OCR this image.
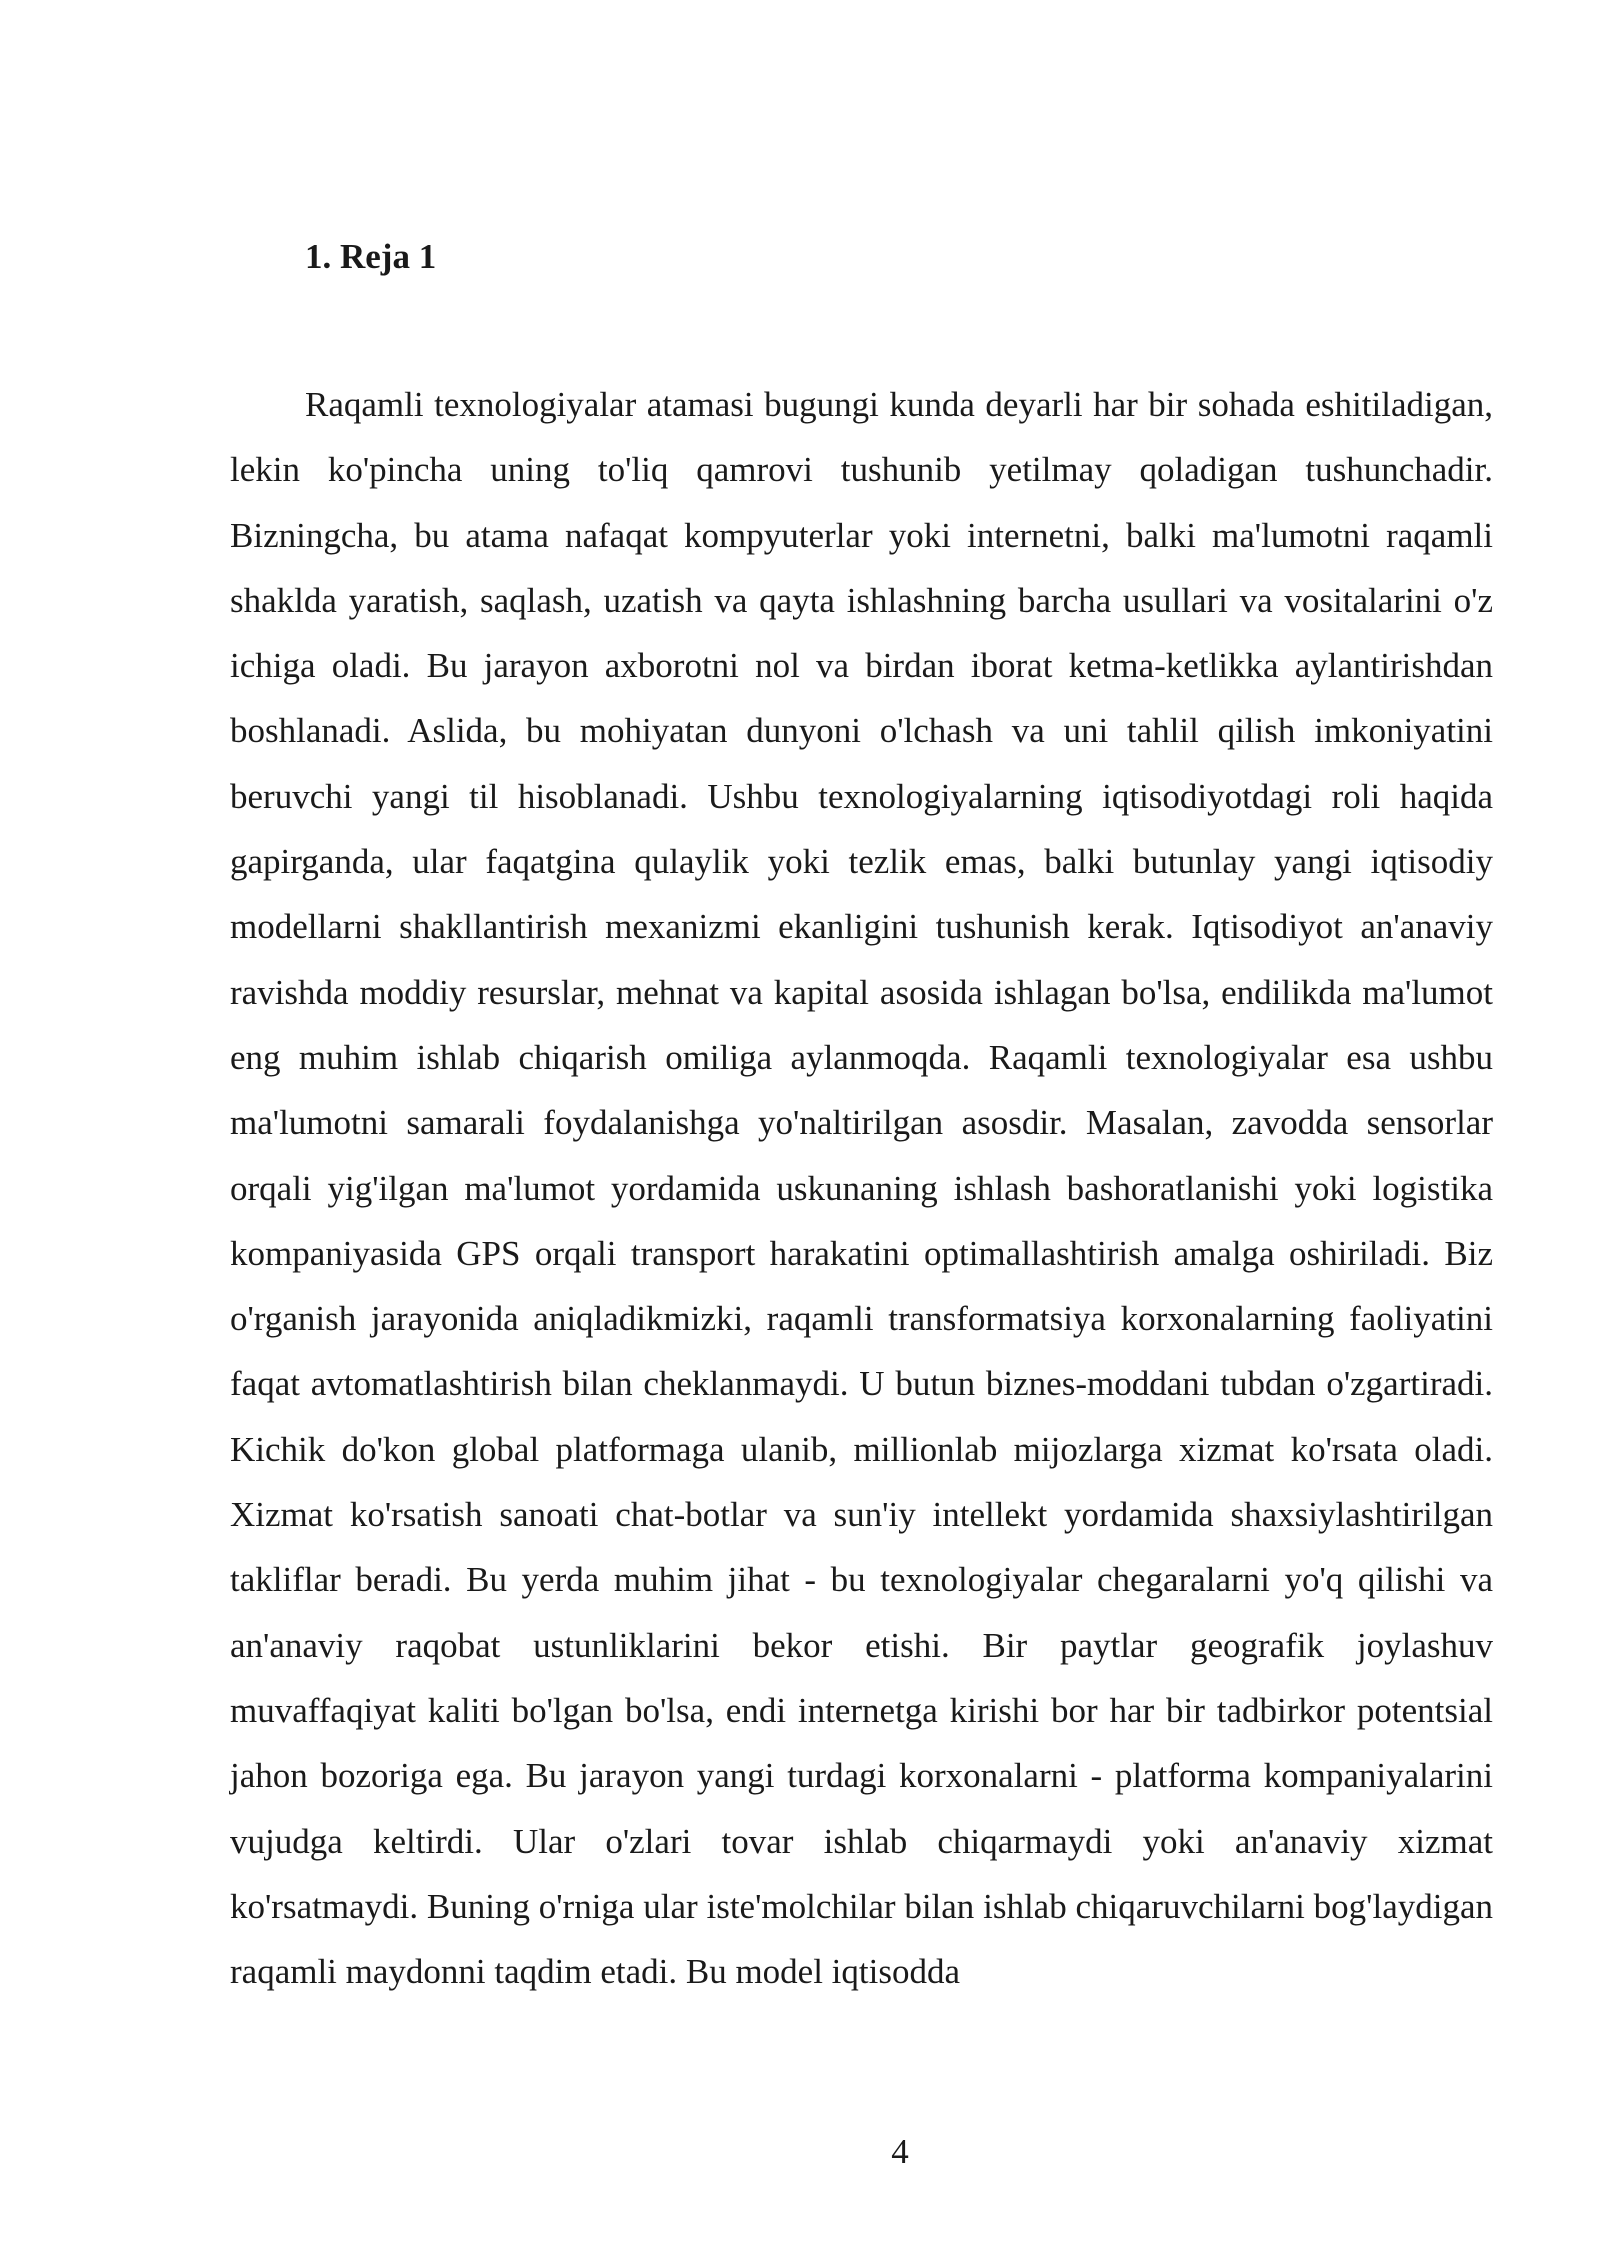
1. Reja 1

Raqamli texnologiyalar atamasi bugungi kunda deyarli har bir sohada eshitiladigan, lekin ko'pincha uning to'liq qamrovi tushunib yetilmay qoladigan tushunchadir. Bizningcha, bu atama nafaqat kompyuterlar yoki internetni, balki ma'lumotni raqamli shaklda yaratish, saqlash, uzatish va qayta ishlashning barcha usullari va vositalarini o'z ichiga oladi. Bu jarayon axborotni nol va birdan iborat ketma-ketlikka aylantirishdan boshlanadi. Aslida, bu mohiyatan dunyoni o'lchash va uni tahlil qilish imkoniyatini beruvchi yangi til hisoblanadi. Ushbu texnologiyalarning iqtisodiyotdagi roli haqida gapirganda, ular faqatgina qulaylik yoki tezlik emas, balki butunlay yangi iqtisodiy modellarni shakllantirish mexanizmi ekanligini tushunish kerak. Iqtisodiyot an'anaviy ravishda moddiy resurslar, mehnat va kapital asosida ishlagan bo'lsa, endilikda ma'lumot eng muhim ishlab chiqarish omiliga aylanmoqda. Raqamli texnologiyalar esa ushbu ma'lumotni samarali foydalanishga yo'naltirilgan asosdir. Masalan, zavodda sensorlar orqali yig'ilgan ma'lumot yordamida uskunaning ishlash bashoratlanishi yoki logistika kompaniyasida GPS orqali transport harakatini optimallashtirish amalga oshiriladi. Biz o'rganish jarayonida aniqladikmizki, raqamli transformatsiya korxonalarning faoliyatini faqat avtomatlashtirish bilan cheklanmaydi. U butun biznes-moddani tubdan o'zgartiradi. Kichik do'kon global platformaga ulanib, millionlab mijozlarga xizmat ko'rsata oladi. Xizmat ko'rsatish sanoati chat-botlar va sun'iy intellekt yordamida shaxsiylashtirilgan takliflar beradi. Bu yerda muhim jihat - bu texnologiyalar chegaralarni yo'q qilishi va an'anaviy raqobat ustunliklarini bekor etishi. Bir paytlar geografik joylashuv muvaffaqiyat kaliti bo'lgan bo'lsa, endi internetga kirishi bor har bir tadbirkor potentsial jahon bozoriga ega. Bu jarayon yangi turdagi korxonalarni - platforma kompaniyalarini vujudga keltirdi. Ular o'zlari tovar ishlab chiqarmaydi yoki an'anaviy xizmat ko'rsatmaydi. Buning o'rniga ular iste'molchilar bilan ishlab chiqaruvchilarni bog'laydigan raqamli maydonni taqdim etadi. Bu model iqtisodda

4
